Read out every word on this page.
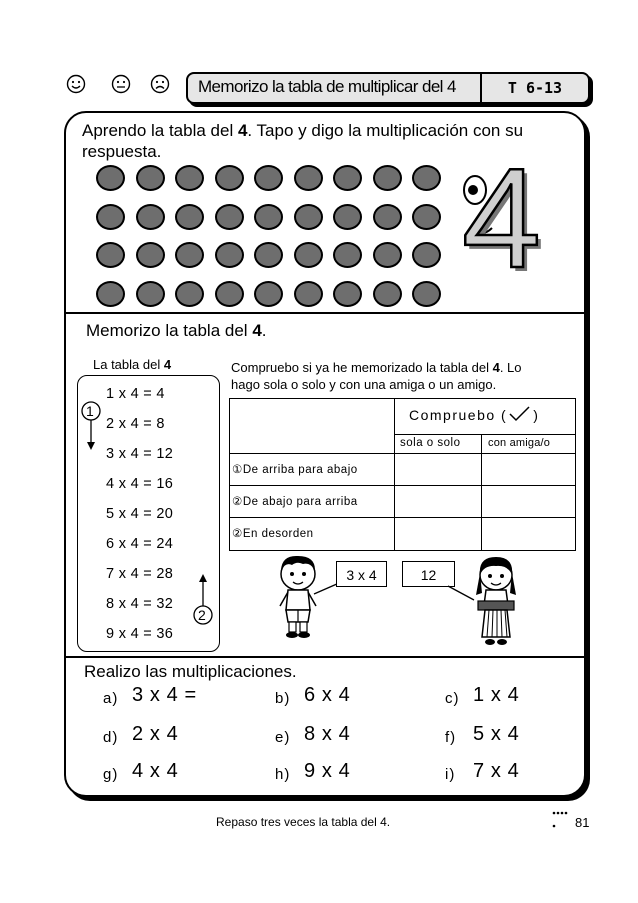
Memorizo la tabla de multiplicar del 4	T 6-13
Aprendo la tabla del 4. Tapo y digo la multiplicación con su
respuesta. 4
Memorizo la tabla del 4.
La tabla del 4
1 x 4 = 4
2 x 4 = 8
3 x 4 = 12
4 x 4 = 16
5 x 4 = 20
6 x 4 = 24
7 x 4 = 28
8 x 4 = 32
9 x 4 = 36
1
2
Compruebo si ya he memorizado la tabla del 4. Lo
hago sola o solo y con una amiga o un amigo.
Compruebo ( )
sola o solo	con amiga/o
①De arriba para abajo
②De abajo para arriba
②En desorden
3 x 4	12
Realizo las multiplicaciones.
a) 3 x 4 =	b) 6 x 4	c) 1 x 4
d) 2 x 4	e) 8 x 4	f) 5 x 4
g) 4 x 4	h) 9 x 4	i) 7 x 4
Repaso tres veces la tabla del 4.	81
